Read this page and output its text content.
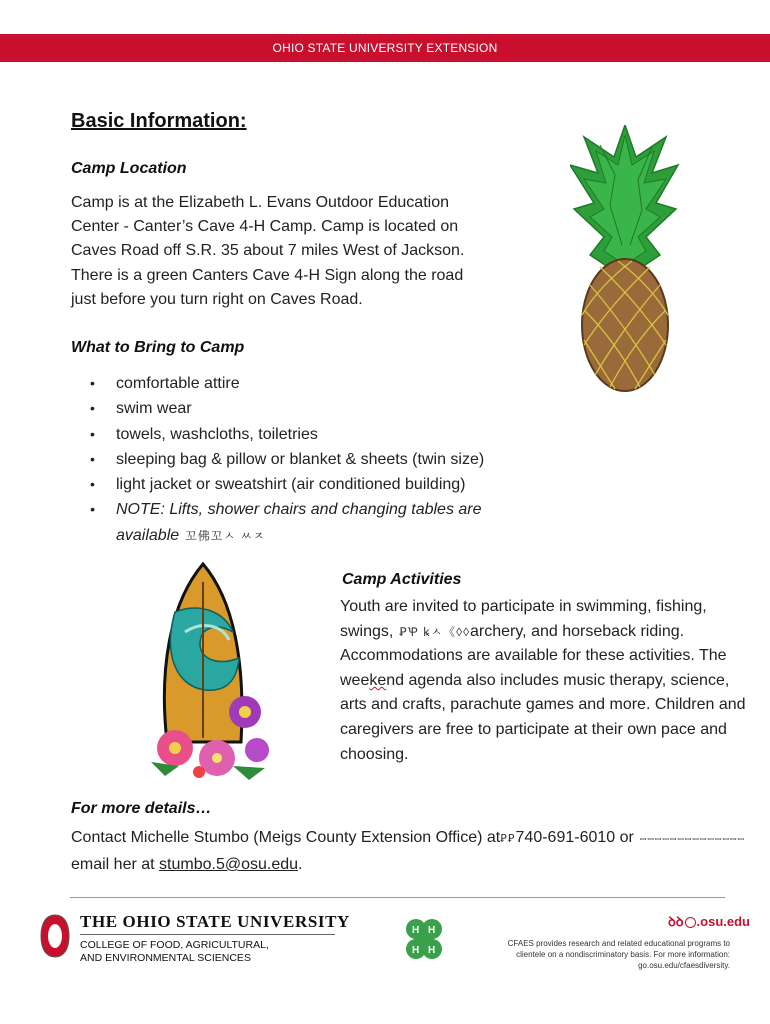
OHIO STATE UNIVERSITY EXTENSION
Basic Information:
Camp Location
Camp is at the Elizabeth L. Evans Outdoor Education
Center - Canter’s Cave 4-H Camp. Camp is located on
Caves Road off S.R. 35 about 7 miles West of Jackson.
There is a green Canters Cave 4-H Sign along the road
just before you turn right on Caves Road.
What to Bring to Camp
• comfortable attire
• swim wear
• towels, washcloths, toiletries
• sleeping bag & pillow or blanket & sheets (twin size)
• light jacket or sweatshirt (air conditioned building)
• NOTE: Lifts, shower chairs and changing tables are
available 꼬佛꼬ㅅ ㅆㅈ
Camp Activities
Youth are invited to participate in swimming, fishing,
swings, ꝐꝔ ꝃㅅ《◊◊archery, and horseback riding.
Accommodations are available for these activities. The
weekend agenda also includes music therapy, science,
arts and crafts, parachute games and more. Children and
caregivers are free to participate at their own pace and
choosing.
For more details…
Contact Michelle Stumbo (Meigs County Extension Office) atꝐꝐ740-691-6010 or ꟷꟷꟷꟷꟷꟷꟷꟷꟷꟷꟷꟷꟷꟷ
email her at stumbo.5@osu.edu.
THE OHIO STATE UNIVERSITY
COLLEGE OF FOOD, AGRICULTURAL,
AND ENVIRONMENTAL SCIENCES
H H
H H
ꝺꝺ .osu.edu
CFAES provides research and related educational programs to clientele on a nondiscriminatory basis. For more information: go.osu.edu/cfaesdiversity.
